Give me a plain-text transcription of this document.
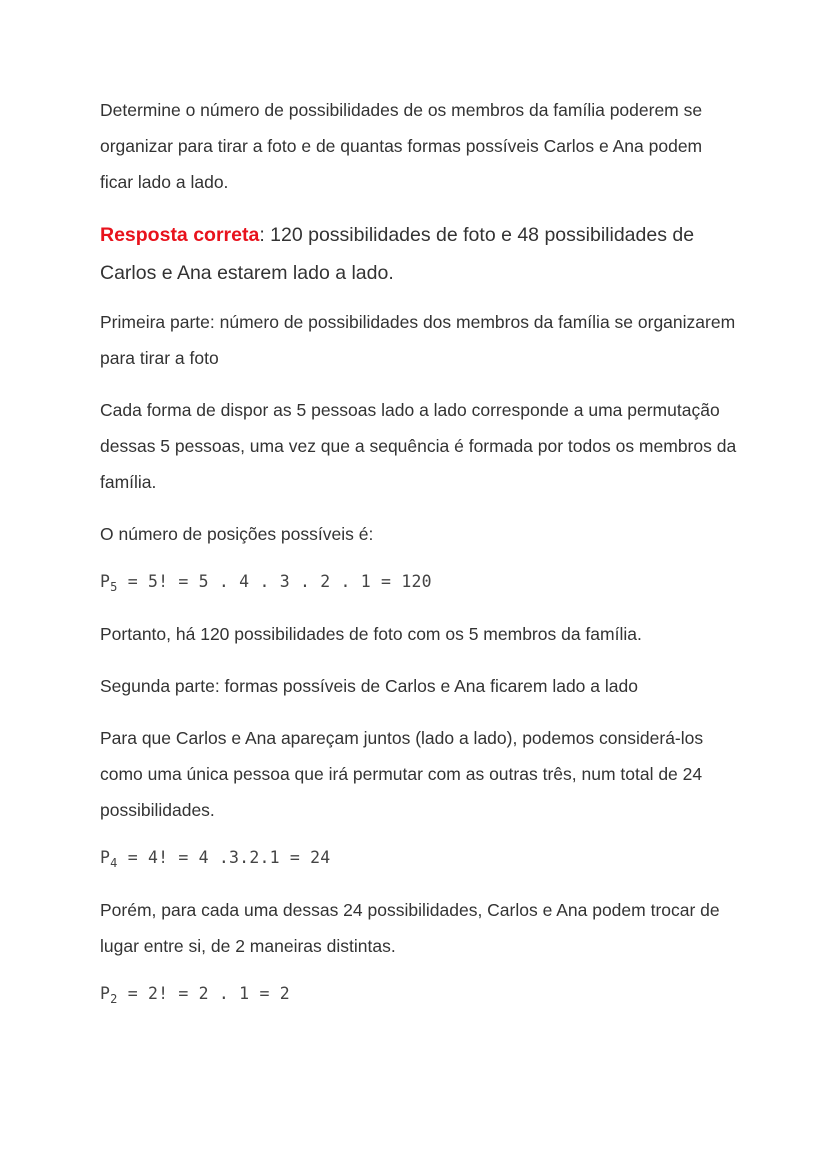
Determine o número de possibilidades de os membros da família poderem se organizar para tirar a foto e de quantas formas possíveis Carlos e Ana podem ficar lado a lado.

Resposta correta: 120 possibilidades de foto e 48 possibilidades de Carlos e Ana estarem lado a lado.

Primeira parte: número de possibilidades dos membros da família se organizarem para tirar a foto

Cada forma de dispor as 5 pessoas lado a lado corresponde a uma permutação dessas 5 pessoas, uma vez que a sequência é formada por todos os membros da família.

O número de posições possíveis é:

$P_5 = 5$! = 5 . 4 . 3 . 2 . 1 = 120

Portanto, há 120 possibilidades de foto com os 5 membros da família.

Segunda parte: formas possíveis de Carlos e Ana ficarem lado a lado

Para que Carlos e Ana apareçam juntos (lado a lado), podemos considerá-los como uma única pessoa que irá permutar com as outras três, num total de 24 possibilidades.

$P_4 = 4$! = 4 .3.2.1 = 24

Porém, para cada uma dessas 24 possibilidades, Carlos e Ana podem trocar de lugar entre si, de 2 maneiras distintas.

$P_2 = 2$! = 2 . 1 = 2
